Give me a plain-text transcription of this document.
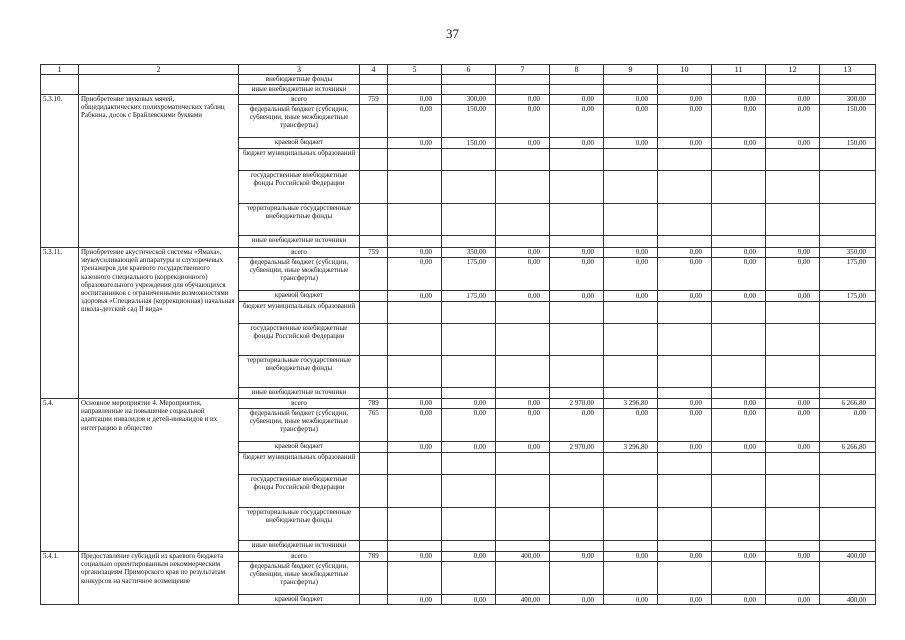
37
1	2	3	4	5	6	7	8	9	10	11	12	13
		внебюджетные фонды										
		иные внебюджетные источники										
5.3.10.	Приобретение звуковых мячей, общедидактических полихроматических таблиц Рабкина, досок с Брайлевскими буквами	всего	759	0,00	300,00	0,00	0,00	0,00	0,00	0,00	0,00	300,00
		федеральный бюджет (субсидии, субвенции, иные межбюджетные трансферты)		0,00	150,00	0,00	0,00	0,00	0,00	0,00	0,00	150,00
		краевой бюджет		0,00	150,00	0,00	0,00	0,00	0,00	0,00	0,00	150,00
		бюджет муниципальных образований										
		государственные внебюджетные фонды Российской Федерации										
		территориальные государственные внебюджетные фонды										
		иные внебюджетные источники										
5.3.11.	Приобретение акустической системы «Ямаха», звукоусиливающей аппаратуры и слухоречевых тренажеров для краевого государственного казенного специального (коррекционного) образовательного учреждения для обучающихся воспитанников с ограниченными возможностями здоровья «Специальная (коррекционная) начальная школа-детский сад II вида»	всего	759	0,00	350,00	0,00	0,00	0,00	0,00	0,00	0,00	350,00
		федеральный бюджет (субсидии, субвенции, иные межбюджетные трансферты)		0,00	175,00	0,00	0,00	0,00	0,00	0,00	0,00	175,00
		краевой бюджет		0,00	175,00	0,00	0,00	0,00	0,00	0,00	0,00	175,00
		бюджет муниципальных образований										
		государственные внебюджетные фонды Российской Федерации										
		территориальные государственные внебюджетные фонды										
		иные внебюджетные источники										
5.4.	Основное мероприятие 4. Мероприятия, направленные на повышение социальной адаптации инвалидов и детей-инвалидов и их интеграцию в общество	всего	789	0,00	0,00	0,00	2 970,00	3 296,80	0,00	0,00	0,00	6 266,80
		федеральный бюджет (субсидии, субвенции, иные межбюджетные трансферты)	765	0,00	0,00	0,00	0,00	0,00	0,00	0,00	0,00	0,00
		краевой бюджет		0,00	0,00	0,00	2 970,00	3 296,80	0,00	0,00	0,00	6 266,80
		бюджет муниципальных образований										
		государственные внебюджетные фонды Российской Федерации										
		территориальные государственные внебюджетные фонды										
		иные внебюджетные источники										
5.4.1.	Предоставление субсидий из краевого бюджета социально ориентированным некоммерческим организациям Приморского края по результатам конкурсов на частичное возмещение	всего	789	0,00	0,00	400,00	0,00	0,00	0,00	0,00	0,00	400,00
		федеральный бюджет (субсидии, субвенции, иные межбюджетные трансферты)										
		краевой бюджет		0,00	0,00	400,00	0,00	0,00	0,00	0,00	0,00	400,00
